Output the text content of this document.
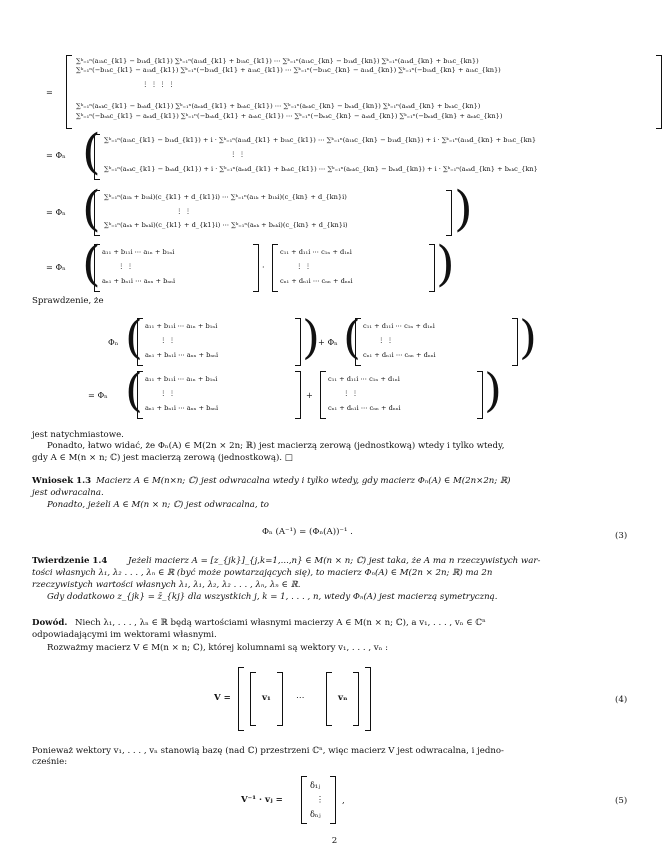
=
∑ᵏ₌₁ⁿ(a₁ₖc_{k1} − b₁ₖd_{k1}) ∑ᵏ₌₁ⁿ(a₁ₖd_{k1} + b₁ₖc_{k1}) ⋯ ∑ᵏ₌₁ⁿ(a₁ₖc_{kn} − b₁ₖd_{kn}) ∑ᵏ₌₁ⁿ(a₁ₖd_{kn} + b₁ₖc_{kn})
∑ᵏ₌₁ⁿ(−b₁ₖc_{k1} − a₁ₖd_{k1}) ∑ᵏ₌₁ⁿ(−b₁ₖd_{k1} + a₁ₖc_{k1}) ⋯ ∑ᵏ₌₁ⁿ(−b₁ₖc_{kn} − a₁ₖd_{kn}) ∑ᵏ₌₁ⁿ(−b₁ₖd_{kn} + a₁ₖc_{kn})
⋮ ⋮ ⋮ ⋮
∑ᵏ₌₁ⁿ(aₙₖc_{k1} − bₙₖd_{k1}) ∑ᵏ₌₁ⁿ(aₙₖd_{k1} + bₙₖc_{k1}) ⋯ ∑ᵏ₌₁ⁿ(aₙₖc_{kn} − bₙₖd_{kn}) ∑ᵏ₌₁ⁿ(aₙₖd_{kn} + bₙₖc_{kn})
∑ᵏ₌₁ⁿ(−bₙₖc_{k1} − aₙₖd_{k1}) ∑ᵏ₌₁ⁿ(−bₙₖd_{k1} + aₙₖc_{k1}) ⋯ ∑ᵏ₌₁ⁿ(−bₙₖc_{kn} − aₙₖd_{kn}) ∑ᵏ₌₁ⁿ(−bₙₖd_{kn} + aₙₖc_{kn})
= Φₙ ( ∑ᵏ₌₁ⁿ(a₁ₖc_{k1} − b₁ₖd_{k1}) + i · ∑ᵏ₌₁ⁿ(a₁ₖd_{k1} + b₁ₖc_{k1}) ⋯ ∑ᵏ₌₁ⁿ(a₁ₖc_{kn} − b₁ₖd_{kn}) + i · ∑ᵏ₌₁ⁿ(a₁ₖd_{kn} + b₁ₖc_{kn}
⋮ ⋮
∑ᵏ₌₁ⁿ(aₙₖc_{k1} − bₙₖd_{k1}) + i · ∑ᵏ₌₁ⁿ(aₙₖd_{k1} + bₙₖc_{k1}) ⋯ ∑ᵏ₌₁ⁿ(aₙₖc_{kn} − bₙₖd_{kn}) + i · ∑ᵏ₌₁ⁿ(aₙₖd_{kn} + bₙₖc_{kn}
= Φₙ ( ∑ᵏ₌₁ⁿ(a₁ₖ + b₁ₖi)(c_{k1} + d_{k1}i) ⋯ ∑ᵏ₌₁ⁿ(a₁ₖ + b₁ₖi)(c_{kn} + d_{kn}i)
⋮ ⋮
∑ᵏ₌₁ⁿ(aₙₖ + bₙₖi)(c_{k1} + d_{k1}i) ⋯ ∑ᵏ₌₁ⁿ(aₙₖ + bₙₖi)(c_{kn} + d_{kn}i) )
= Φₙ ( a₁₁ + b₁₁i ⋯ a₁ₙ + b₁ₙi
⋮ ⋮
aₙ₁ + bₙ₁i ⋯ aₙₙ + bₙₙi
·
c₁₁ + d₁₁i ⋯ c₁ₙ + d₁ₙi
⋮ ⋮
cₙ₁ + dₙ₁i ⋯ cₙₙ + dₙₙi )
Sprawdzenie, że
Φₙ ( a₁₁ + b₁₁i ⋯ a₁ₙ + b₁ₙi
⋮ ⋮
aₙ₁ + bₙ₁i ⋯ aₙₙ + bₙₙi )
+ Φₙ ( c₁₁ + d₁₁i ⋯ c₁ₙ + d₁ₙi
⋮ ⋮
cₙ₁ + dₙ₁i ⋯ cₙₙ + dₙₙi )
= Φₙ ( a₁₁ + b₁₁i ⋯ a₁ₙ + b₁ₙi
⋮ ⋮
aₙ₁ + bₙ₁i ⋯ aₙₙ + bₙₙi
+
c₁₁ + d₁₁i ⋯ c₁ₙ + d₁ₙi
⋮ ⋮
cₙ₁ + dₙ₁i ⋯ cₙₙ + dₙₙi )
jest natychmiastowe.
Ponadto, łatwo widać, że Φₙ(A) ∈ M(2n × 2n; ℝ) jest macierzą zerową (jednostkową) wtedy i tylko wtedy,
gdy A ∈ M(n × n; ℂ) jest macierzą zerową (jednostkową). □
Wniosek 1.3 Macierz A ∈ M(n×n; ℂ) jest odwracalna wtedy i tylko wtedy, gdy macierz Φₙ(A) ∈ M(2n×2n; ℝ)
jest odwracalna.
Ponadto, jeżeli A ∈ M(n × n; ℂ) jest odwracalna, to
Φₙ (A⁻¹) = (Φₙ(A))⁻¹ .	(3)
Twierdzenie 1.4 Jeżeli macierz A = [z_{jk}]_{j,k=1,...,n} ∈ M(n × n; ℂ) jest taka, że A ma n rzeczywistych war-
tości własnych λ₁, λ₂ . . . , λₙ ∈ ℝ (być może powtarzających się), to macierz Φₙ(A) ∈ M(2n × 2n; ℝ) ma 2n
rzeczywistych wartości własnych λ₁, λ₁, λ₂, λ₂ . . . , λₙ, λₙ ∈ ℝ.
Gdy dodatkowo z_{jk} = z̄_{kj} dla wszystkich j, k = 1, . . . , n, wtedy Φₙ(A) jest macierzą symetryczną.
Dowód. Niech λ₁, . . . , λₙ ∈ ℝ będą wartościami własnymi macierzy A ∈ M(n × n; ℂ), a v₁, . . . , vₙ ∈ ℂⁿ
odpowiadającymi im wektorami własnymi.
Rozważmy macierz V ∈ M(n × n; ℂ), której kolumnami są wektory v₁, . . . , vₙ :
V =	v₁	⋯	vₙ	(4)
Ponieważ wektory v₁, . . . , vₙ stanowią bazę (nad ℂ) przestrzeni ℂⁿ, więc macierz V jest odwracalna, i jedno-
cześnie:
V⁻¹ · vⱼ =
δ₁ⱼ
⋮
δₙⱼ
,	(5)
2
